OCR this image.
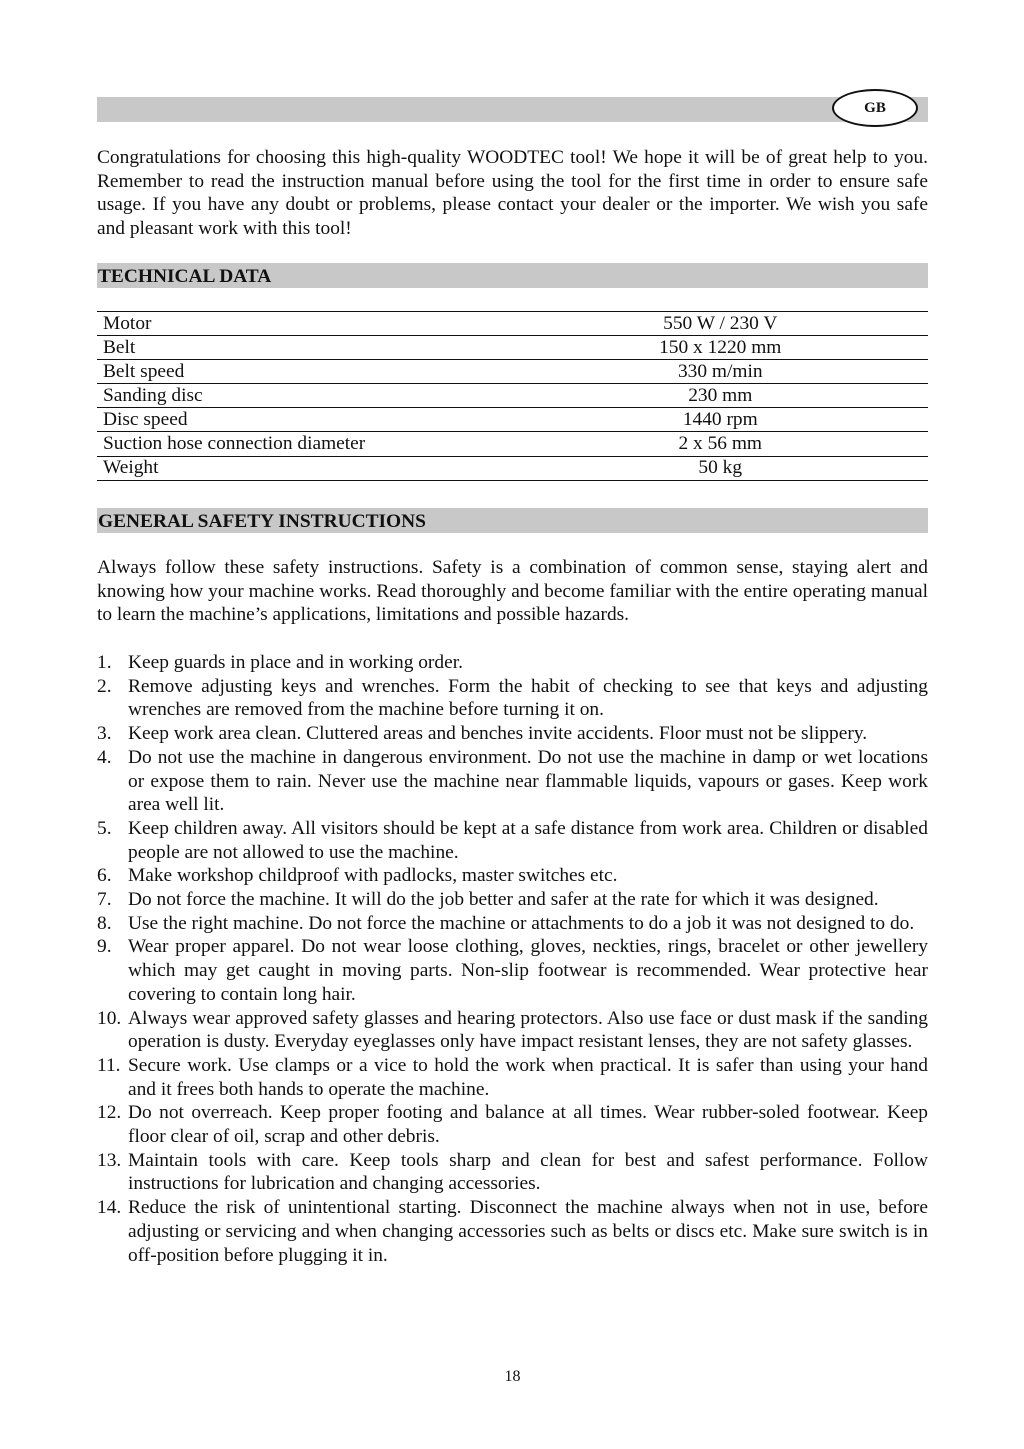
GB

Congratulations for choosing this high-quality WOODTEC tool! We hope it will be of great help to you. Remember to read the instruction manual before using the tool for the first time in order to ensure safe usage. If you have any doubt or problems, please contact your dealer or the importer. We wish you safe and pleasant work with this tool!

TECHNICAL DATA
Motor	550 W / 230 V
Belt	150 x 1220 mm
Belt speed	330 m/min
Sanding disc	230 mm
Disc speed	1440 rpm
Suction hose connection diameter	2 x 56 mm
Weight	50 kg
GENERAL SAFETY INSTRUCTIONS

Always follow these safety instructions. Safety is a combination of common sense, staying alert and knowing how your machine works. Read thoroughly and become familiar with the entire operating manual to learn the machine’s applications, limitations and possible hazards.

1. Keep guards in place and in working order.
2. Remove adjusting keys and wrenches. Form the habit of checking to see that keys and adjusting wrenches are removed from the machine before turning it on.
3. Keep work area clean. Cluttered areas and benches invite accidents. Floor must not be slippery.
4. Do not use the machine in dangerous environment. Do not use the machine in damp or wet locations or expose them to rain. Never use the machine near flammable liquids, vapours or gases. Keep work area well lit.
5. Keep children away. All visitors should be kept at a safe distance from work area. Children or disabled people are not allowed to use the machine.
6. Make workshop childproof with padlocks, master switches etc.
7. Do not force the machine. It will do the job better and safer at the rate for which it was designed.
8. Use the right machine. Do not force the machine or attachments to do a job it was not designed to do.
9. Wear proper apparel. Do not wear loose clothing, gloves, neckties, rings, bracelet or other jewellery which may get caught in moving parts. Non-slip footwear is recommended. Wear protective hear covering to contain long hair.
10. Always wear approved safety glasses and hearing protectors. Also use face or dust mask if the sanding operation is dusty. Everyday eyeglasses only have impact resistant lenses, they are not safety glasses.
11. Secure work. Use clamps or a vice to hold the work when practical. It is safer than using your hand and it frees both hands to operate the machine.
12. Do not overreach. Keep proper footing and balance at all times. Wear rubber-soled footwear. Keep floor clear of oil, scrap and other debris.
13. Maintain tools with care. Keep tools sharp and clean for best and safest performance. Follow instructions for lubrication and changing accessories.
14. Reduce the risk of unintentional starting. Disconnect the machine always when not in use, before adjusting or servicing and when changing accessories such as belts or discs etc. Make sure switch is in off-position before plugging it in.
18
